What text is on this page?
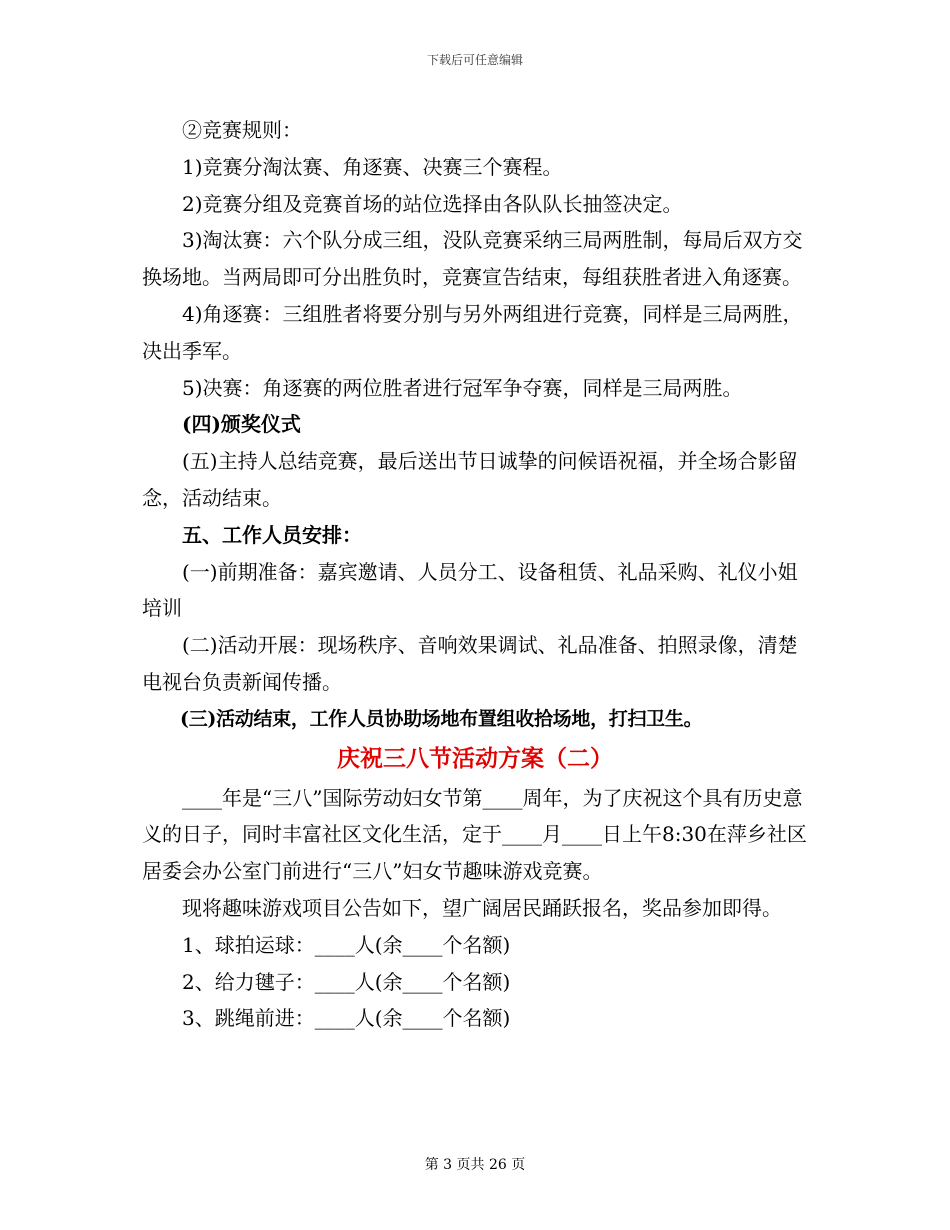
下载后可任意编辑

②竞赛规则：

1)竞赛分淘汰赛、角逐赛、决赛三个赛程。

2)竞赛分组及竞赛首场的站位选择由各队队长抽签决定。

3)淘汰赛：六个队分成三组，没队竞赛采纳三局两胜制，每局后双方交换场地。当两局即可分出胜负时，竞赛宣告结束，每组获胜者进入角逐赛。

4)角逐赛：三组胜者将要分别与另外两组进行竞赛，同样是三局两胜，决出季军。

5)决赛：角逐赛的两位胜者进行冠军争夺赛，同样是三局两胜。

(四)颁奖仪式

(五)主持人总结竞赛，最后送出节日诚挚的问候语祝福，并全场合影留念，活动结束。

五、工作人员安排：

(一)前期准备：嘉宾邀请、人员分工、设备租赁、礼品采购、礼仪小姐培训

(二)活动开展：现场秩序、音响效果调试、礼品准备、拍照录像，清楚电视台负责新闻传播。

(三)活动结束，工作人员协助场地布置组收拾场地，打扫卫生。

庆祝三八节活动方案（二）

____年是“三八”国际劳动妇女节第____周年，为了庆祝这个具有历史意义的日子，同时丰富社区文化生活，定于____月____日上午8:30在萍乡社区居委会办公室门前进行“三八”妇女节趣味游戏竞赛。

现将趣味游戏项目公告如下，望广阔居民踊跃报名，奖品参加即得。

1、球拍运球：____人(余____个名额)

2、给力毽子：____人(余____个名额)

3、跳绳前进：____人(余____个名额)

第 3 页共 26 页
